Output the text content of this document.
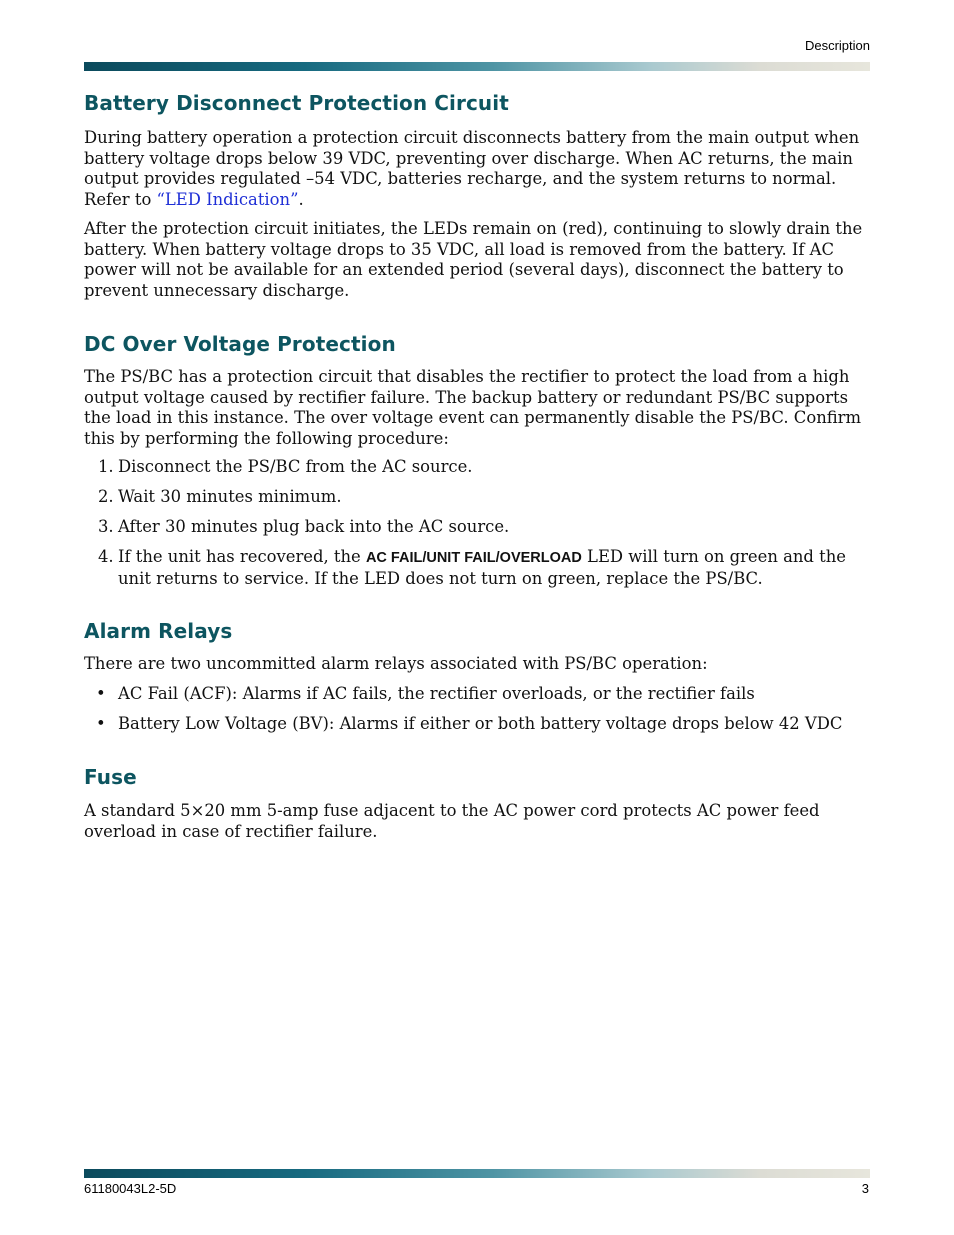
Description
Battery Disconnect Protection Circuit

During battery operation a protection circuit disconnects battery from the main output when battery voltage drops below 39 VDC, preventing over discharge. When AC returns, the main output provides regulated –54 VDC, batteries recharge, and the system returns to normal. Refer to “LED Indication”.

After the protection circuit initiates, the LEDs remain on (red), continuing to slowly drain the battery. When battery voltage drops to 35 VDC, all load is removed from the battery. If AC power will not be available for an extended period (several days), disconnect the battery to prevent unnecessary discharge.

DC Over Voltage Protection

The PS/BC has a protection circuit that disables the rectifier to protect the load from a high output voltage caused by rectifier failure. The backup battery or redundant PS/BC supports the load in this instance. The over voltage event can permanently disable the PS/BC. Confirm this by performing the following procedure:

1. Disconnect the PS/BC from the AC source.
2. Wait 30 minutes minimum.
3. After 30 minutes plug back into the AC source.
4. If the unit has recovered, the AC FAIL/UNIT FAIL/OVERLOAD LED will turn on green and the unit returns to service. If the LED does not turn on green, replace the PS/BC.
Alarm Relays

There are two uncommitted alarm relays associated with PS/BC operation:

• AC Fail (ACF): Alarms if AC fails, the rectifier overloads, or the rectifier fails
• Battery Low Voltage (BV): Alarms if either or both battery voltage drops below 42 VDC
Fuse

A standard 5×20 mm 5-amp fuse adjacent to the AC power cord protects AC power feed overload in case of rectifier failure.

61180043L2-5D	3
